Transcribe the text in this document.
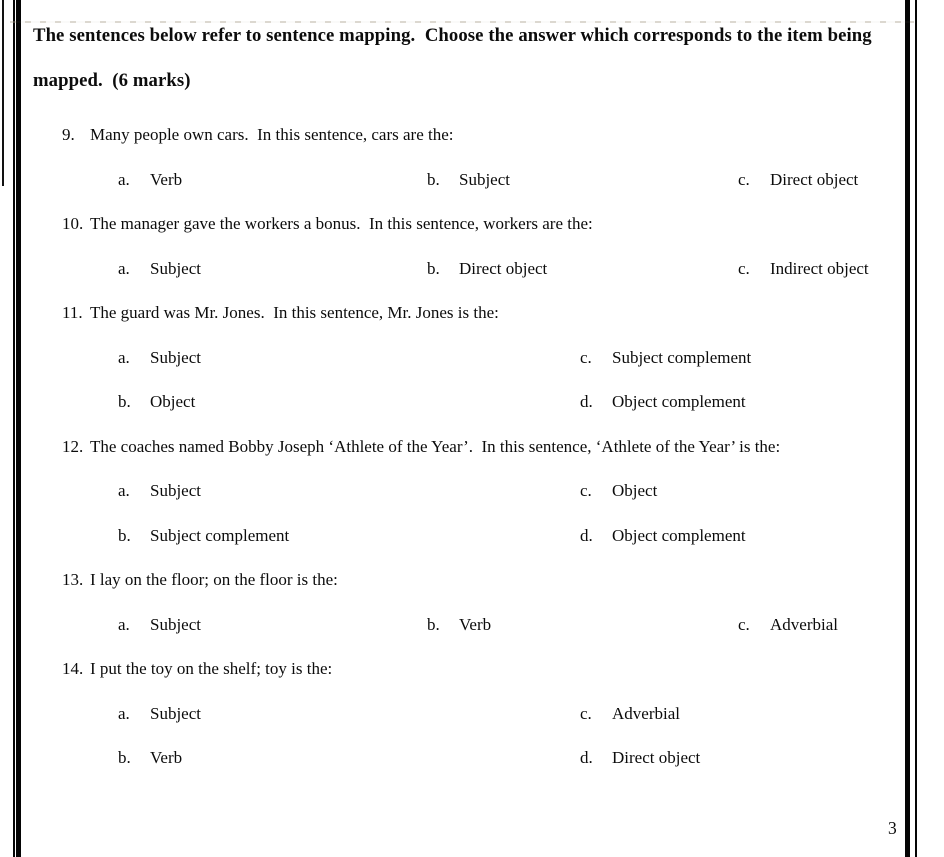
The sentences below refer to sentence mapping.  Choose the answer which corresponds to the item being
mapped.  (6 marks)
9. Many people own cars.  In this sentence, cars are the:
a. Verb	b. Subject	c. Direct object
10. The manager gave the workers a bonus.  In this sentence, workers are the:
a. Subject	b. Direct object	c. Indirect object
11. The guard was Mr. Jones.  In this sentence, Mr. Jones is the:
a. Subject	c. Subject complement
b. Object	d. Object complement
12. The coaches named Bobby Joseph ‘Athlete of the Year’.  In this sentence, ‘Athlete of the Year’ is the:
a. Subject	c. Object
b. Subject complement	d. Object complement
13. I lay on the floor; on the floor is the:
a. Subject	b. Verb	c. Adverbial
14. I put the toy on the shelf; toy is the:
a. Subject	c. Adverbial
b. Verb	d. Direct object
3
